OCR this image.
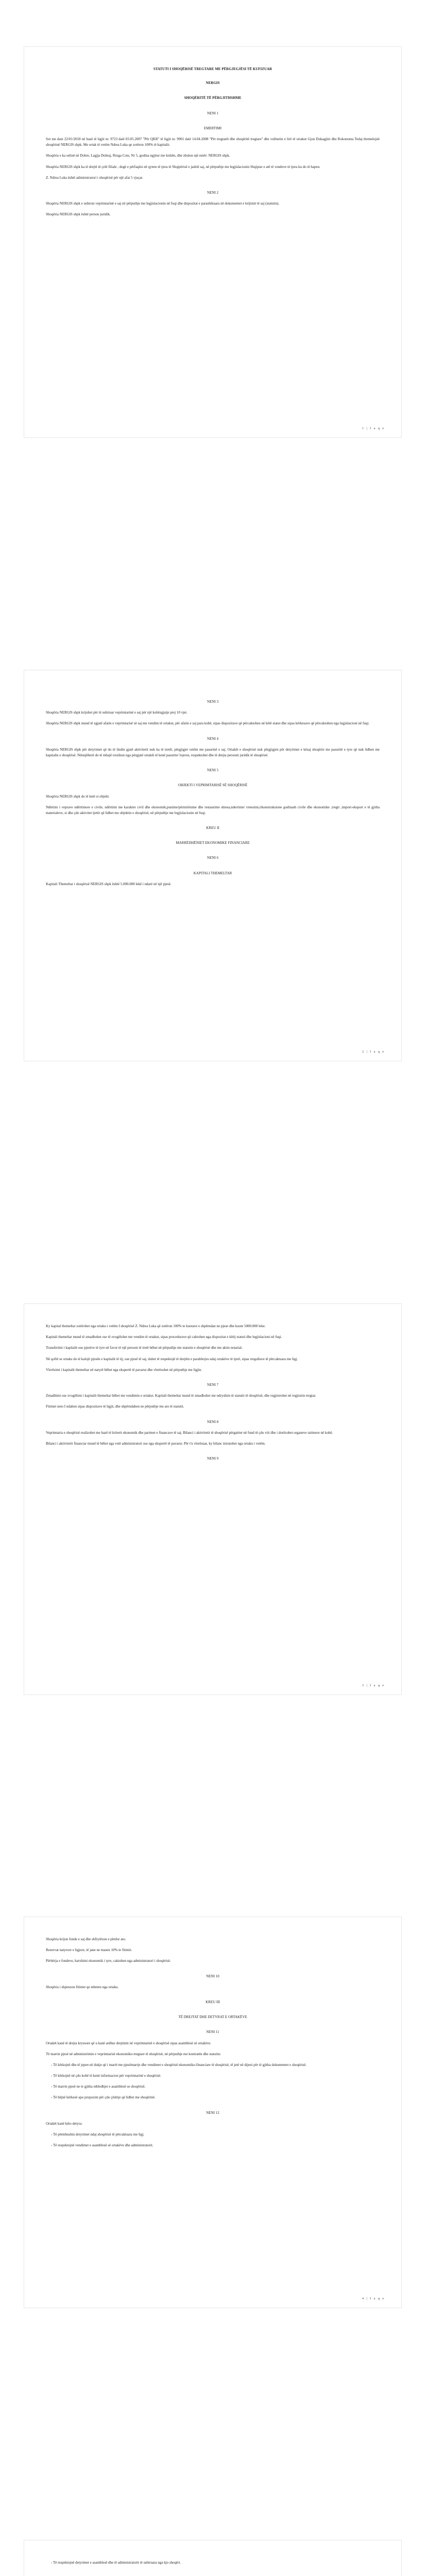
STATUTI I SHOQËRISË TREGTARE ME PËRGJEGJËSI TË KUFIZUAR
NERGIS
SHOQËRITË TË PËRGJITHSHME
NENI 1
EMERTIMI

Sot me date 22/01/2018 në bazë të ligjit nr. 9723 datë 03.05.2007 "Për QKR" të ligjit nr. 9901 datë 14.04.2008 "Për tregtarët dhe shoqëritë tregtare" dhe vullnetin e lirë të ortakut Gjon Dukagjini dhe Rokonoma Tedaj themelojnë shoqërinë NERGIS shpk. Me ortak të vetëm Ndrea Luka qe zotëron 100% të kapitalit.

Shoqëria e ka selinë në Dobre, Lagjja Dobraj, Rruga Cote, Nr 5, godina ngjitur me kishën, dhe zbulon një emër: NERGIS shpk.

Shoqëria NERGIS shpk ka të drejtë të çelë filiale , degë e përfaqësi në qytete të tjera të Shqipërisë e jashtë saj, në përputhje me legjislacionin Shqiptar e atë të vendeve të tjera ku do të hapen.

Z. Ndrea Luka është administratori i shoqërisë për një afat 5 vjeçar.

NENI 2

Shoqëria NERGIS shpk e ushtron veprimtarinë e saj në përputhje me legjislacionin në fuqi dhe dispozitat e parashikuara në dokumentet e krijimit të saj (statutin).

Shoqëria NERGIS shpk është person juridik.

1 | f a q e
NENI 3

Shoqëria NERGIS shpk krijohet për të ushtruar veprimtarinë e saj për një kohëzgjatje prej 10 vjet.

Shoqëria NERGIS shpk mund të zgjatë afatin e veprimtarisë së saj me vendim të ortakut, për afatin e saj para kohë, sipas dispozitave që përcaktohen në këtë statut dhe sipas kërkesave që përcaktohen nga legjislacioni në fuqi.

NENI 4

Shoqëria NERGIS shpk për detyrimet që do të lindin gjatë aktivitetit nuk ka të tretët, përgjigjet vetëm me pasurinë e saj. Ortakët e shoqërisë nuk përgjigjen për detyrimet e kësaj shoqërie me pasuritë e tyre që nuk lidhen me kapitalin e shoqërisë. Ndonjëherë do të mbajë rrezikun nga përgjatë ortakët të kenë pasurite/ lojeres, respektohet dhe të drejta personit juridik të shoqërisë.

NENI 5
OBJEKTI I VEPRIMTARISË SË SHOQËRISË

Shoqëria NERGIS shpk do të ketë si objekt:

Ndërtim i veprave ndërtimore e civile, ndërtimi me karakter civil dhe ekonomik,punime/përmirësime dhe restaurime shtesa,nderrime/ rrenoimi,rikonstruksione godinash civile dhe ekonomike ,tregti ,import-eksport e të gjitha materialeve, si dhe çdo aktivitet tjetër që lidhet me objektin e shoqërisë, në përputhje me legjislacionin në fuqi.

KREU II
MARRËDHËNIET EKONOMIKE FINANCIARE
NENI 6
KAPITALI THEMELTAR

Kapitali Themeltar i shoqërisë NERGIS shpk është 5.000.000 lekë i ndarë në një pjesë.

2 | f a q e

Ky kapital themeltar zotërohet nga ortaku i vetëm I shoqërisë Z. Ndrea Luka që zotëron 100% te kuotave e shpërndan ne pjese dhe kuote 5000.000 leke.

Kapitali themeltar mund të zmadhohet ose të zvogëlohet me vendim të ortakut, sipas procedurave që caktohen nga dispozitat e këtij statuti dhe legjislacioni në fuqi.

Transferimi i kapitalit ose pjesëve të tyre në favor të një personi të tretë bëhet në përputhje me statutin e shoqërisë dhe me aktin notarial.

Në qoftë se ortaku do të kalojë pjesën e kapitalit të tij, ose pjesë të saj, duhet të respektojë të drejtën e parablerjes ndaj ortakëve të tjerë, sipas rregullave të përcaktuara me ligj.

Vlerësimi i kapitalit themeltar në natyrë bëhet nga ekspertë të pavarur dhe vlerësohet në përputhje me ligjin.

NENI 7

Zmadhimi ose zvogëlimi i kapitalit themeltar bëhet me vendimin e ortakut. Kapitali themeltar mund të zmadhohet me ndryshim të statutit të shoqërisë, dhe regjistrohet në regjistrin tregtar.

Fitimet neto I ndahen sipas dispozitave të ligjit, dhe shpërndahen ne përputhje me ato të statutit.

NENI 8

Veprimtaria e shoqërisë realizohet me bazë të kriterit ekonomik dhe parimet e financave të saj. Bilanci i aktivitetit të shoqërisë përgatitet në fund të çdo viti dhe i dorëzohet organeve tatimore në kohë.

Bilanci i aktivitetit financiar mund të bëhet nga vetë administratori ose nga ekspertë të pavarur. Për t'u vlerësuar, ky bilanc miratohet nga ortaku i vetëm.

NENI 9
3 | f a q e

Shoqëria krijon fonde e saj dhe shfrytëzon e përdor ato.

Rezervat natyrore e ligjore, të jane ne masen 10% te fitimit.

Përbërja e fondeve, harxhimi ekonomik i tyre, caktohen nga administratori i shoqërisë.

NENI 10

Shoqëria i shpenzon fitimet qe mbeten nga ortaku.

KREU III
TË DREJTAT DHE DETYRAT E ORTAKËVE
NENI 11

Ortakët kanë të drejta kryesore qё u kanë ardhur drejtimit në veprimtarinë e shoqërisë sipas asamblesë së ortakëve.

Të marrin pjesë në administrimin e veprimtarisë ekonomiko-tregtare të shoqërisë, në përputhje me kontratën dhe statutin:

- Të kërkojnë dhe të jepen në dukje që i marrë me pjesëmarrje dhe vendimet e shoqërisë ekonomiko-financiare të shoqërisë, të jetë në dijeni për të gjitha dokumentet e shoqërisë.

- Të kërkojnë në çdo kohë të kenë informacion për veprimtarinë e shoqërisë.

- Të marrin pjesë ne te gjitha mbledhjet e asamblesë se shoqërisë.

- Të bëjnë kërkesë apo propozim për çdo çështje qё lidhet me shoqërinë.

NENI 12

Ortakët kanë këto detyra:

- Të përmbushin detyrimet ndaj shoqërisë të përcaktuara me ligj.

- Të respektojnë vendimet e asamblesë së ortakëve dhe administratorit.

4 | f a q e

- Të respektojnë detyrimet e asamblesë dhe të administratorit të ushtruara nga kjo shoqëri.
